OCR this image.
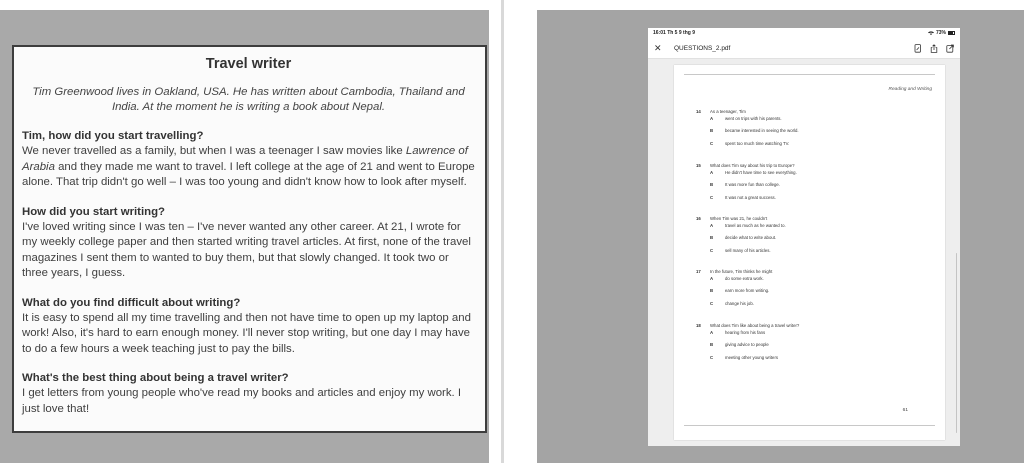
Travel writer

Tim Greenwood lives in Oakland, USA. He has written about Cambodia, Thailand and India. At the moment he is writing a book about Nepal.

Tim, how did you start travelling?
We never travelled as a family, but when I was a teenager I saw movies like Lawrence of Arabia and they made me want to travel. I left college at the age of 21 and went to Europe alone. That trip didn't go well – I was too young and didn't know how to look after myself.
How did you start writing?
I've loved writing since I was ten – I've never wanted any other career. At 21, I wrote for my weekly college paper and then started writing travel articles. At first, none of the travel magazines I sent them to wanted to buy them, but that slowly changed. It took two or three years, I guess.
What do you find difficult about writing?
It is easy to spend all my time travelling and then not have time to open up my laptop and work! Also, it's hard to earn enough money. I'll never stop writing, but one day I may have to do a few hours a week teaching just to pay the bills.
What's the best thing about being a travel writer?
I get letters from young people who've read my books and articles and enjoy my work. I just love that!
16:01 Th 5 9 thg 9	73%
✕	QUESTIONS_2.pdf
Reading and Writing
14 As a teenager, Tim
A	went on trips with his parents.
B	became interested in seeing the world.
C	spent too much time watching TV.
15 What does Tim say about his trip to Europe?
A	He didn't have time to see everything.
B	It was more fun than college.
C	It was not a great success.
16 When Tim was 21, he couldn't
A	travel as much as he wanted to.
B	decide what to write about.
C	sell many of his articles.
17 In the future, Tim thinks he might
A	do some extra work.
B	earn more from writing.
C	change his job.
18 What does Tim like about being a travel writer?
A	hearing from his fans
B	giving advice to people
C	meeting other young writers
61
